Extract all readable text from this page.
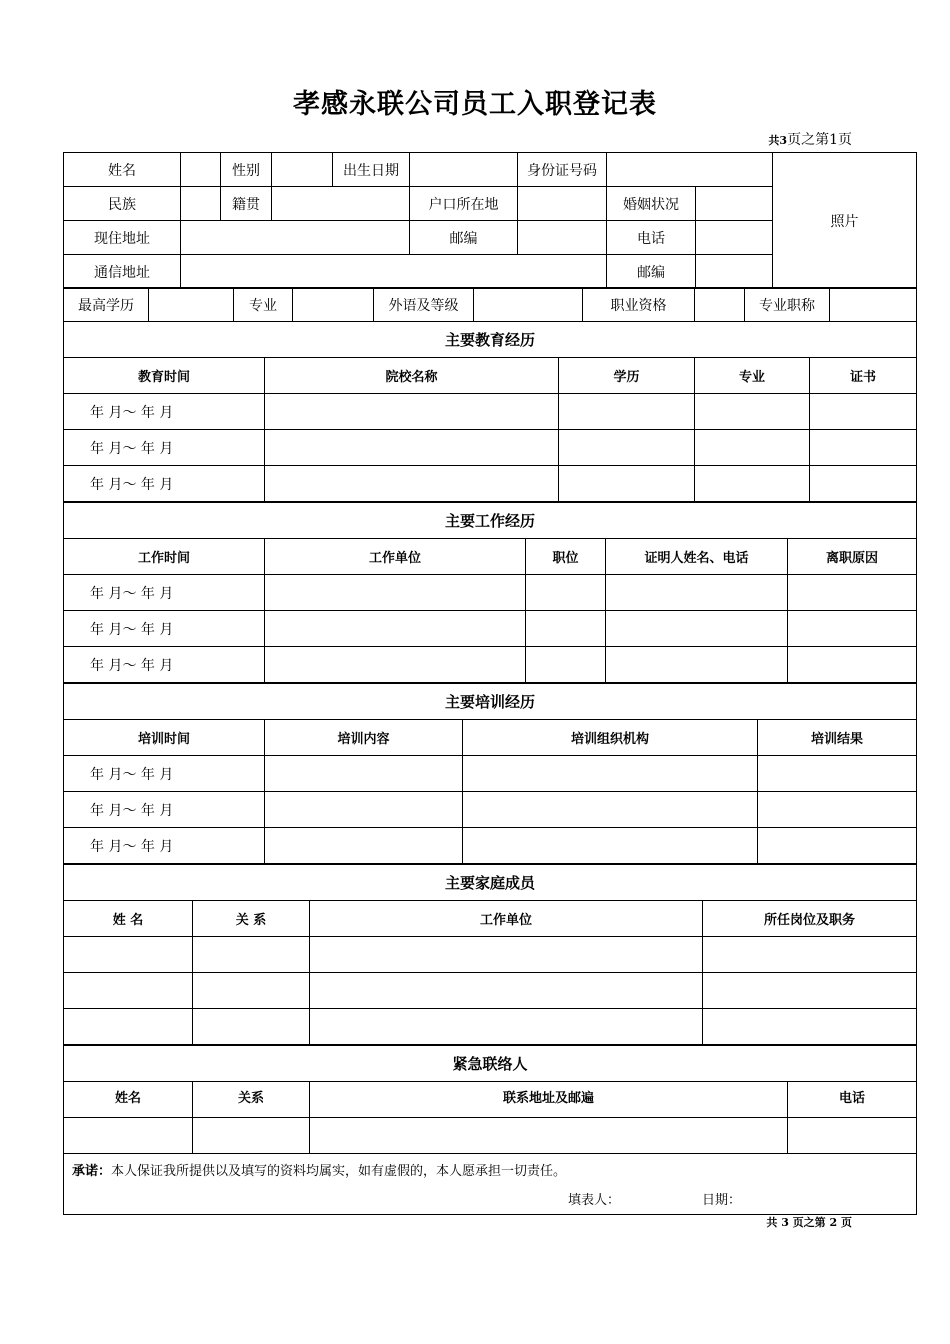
孝感永联公司员工入职登记表
共3页之第1页
姓名		性别		出生日期		身份证号码		照片
民族		籍贯			户口所在地		婚姻状况	

现住地址					邮编		电话	

通信地址							邮编	
最高学历		专业		外语及等级		职业资格		专业职称	
主要教育经历				
教育时间	院校名称	学历	专业	证书
年 月～ 年 月				
年 月～ 年 月				
年 月～ 年 月				
主要工作经历				
工作时间	工作单位	职位	证明人姓名、电话	离职原因
年 月～ 年 月				
年 月～ 年 月				
年 月～ 年 月				
主要培训经历			
培训时间	培训内容	培训组织机构	培训结果
年 月～ 年 月			
年 月～ 年 月			
年 月～ 年 月			
主要家庭成员			
姓 名	关 系	工作单位	所任岗位及职务

紧急联络人			
姓名	关系	联系地址及邮遍	电话

承诺：本人保证我所提供以及填写的资料均属实，如有虚假的，本人愿承担一切责任。
填表人： 日期：			
共 3 页之第 2 页
